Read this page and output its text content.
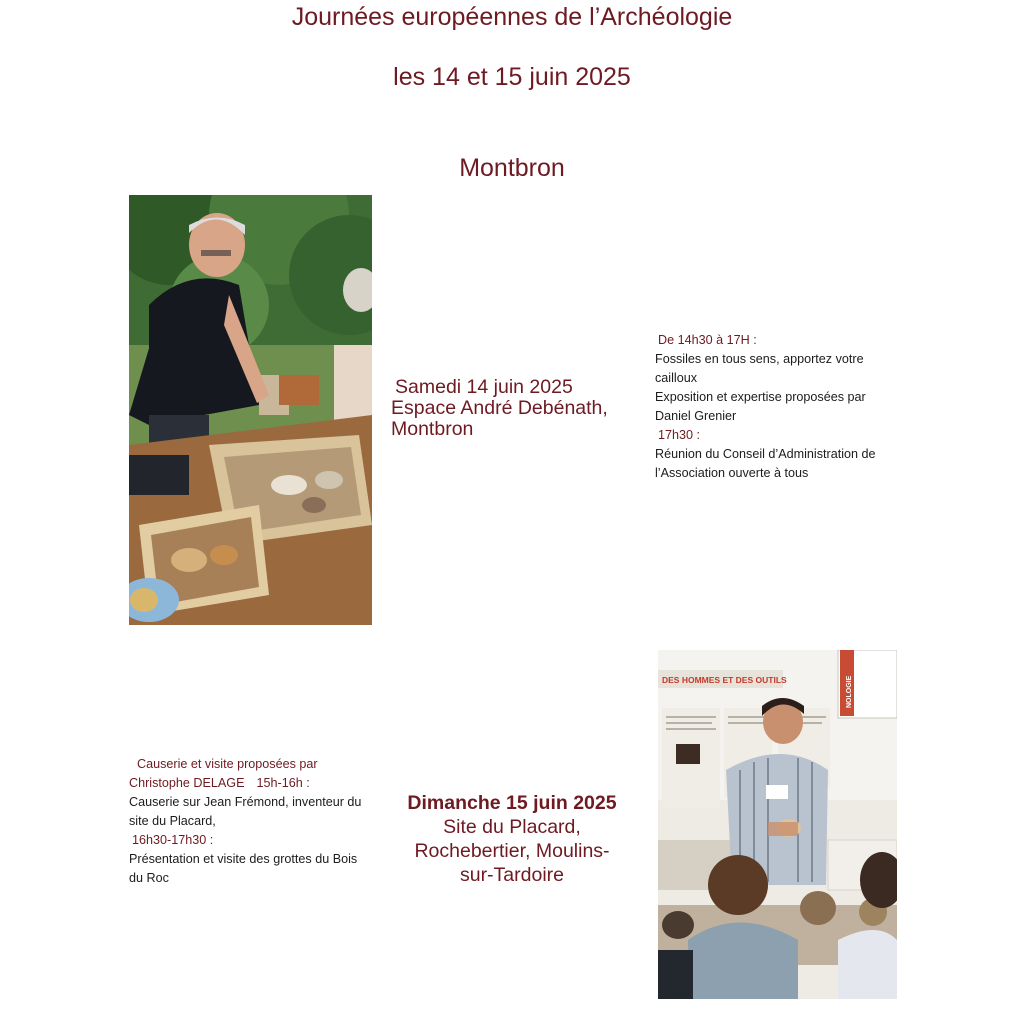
Journées européennes de l’Archéologie
les 14 et 15 juin 2025
Montbron
Samedi 14 juin 2025
Espace André Debénath,
Montbron
De 14h30 à 17H :
Fossiles en tous sens, apportez votre
cailloux
Exposition et expertise proposées par
Daniel Grenier
17h30 :
Réunion du Conseil d’Administration de
l’Association ouverte à tous
Causerie et visite proposées par
Christophe DELAGE 15h-16h :
Causerie sur Jean Frémond, inventeur du
site du Placard,
16h30-17h30 :
Présentation et visite des grottes du Bois
du Roc
Dimanche 15 juin 2025
Site du Placard,
Rochebertier, Moulins-
sur-Tardoire
DES HOMMES ET DES OUTILS	NOLOGIE
